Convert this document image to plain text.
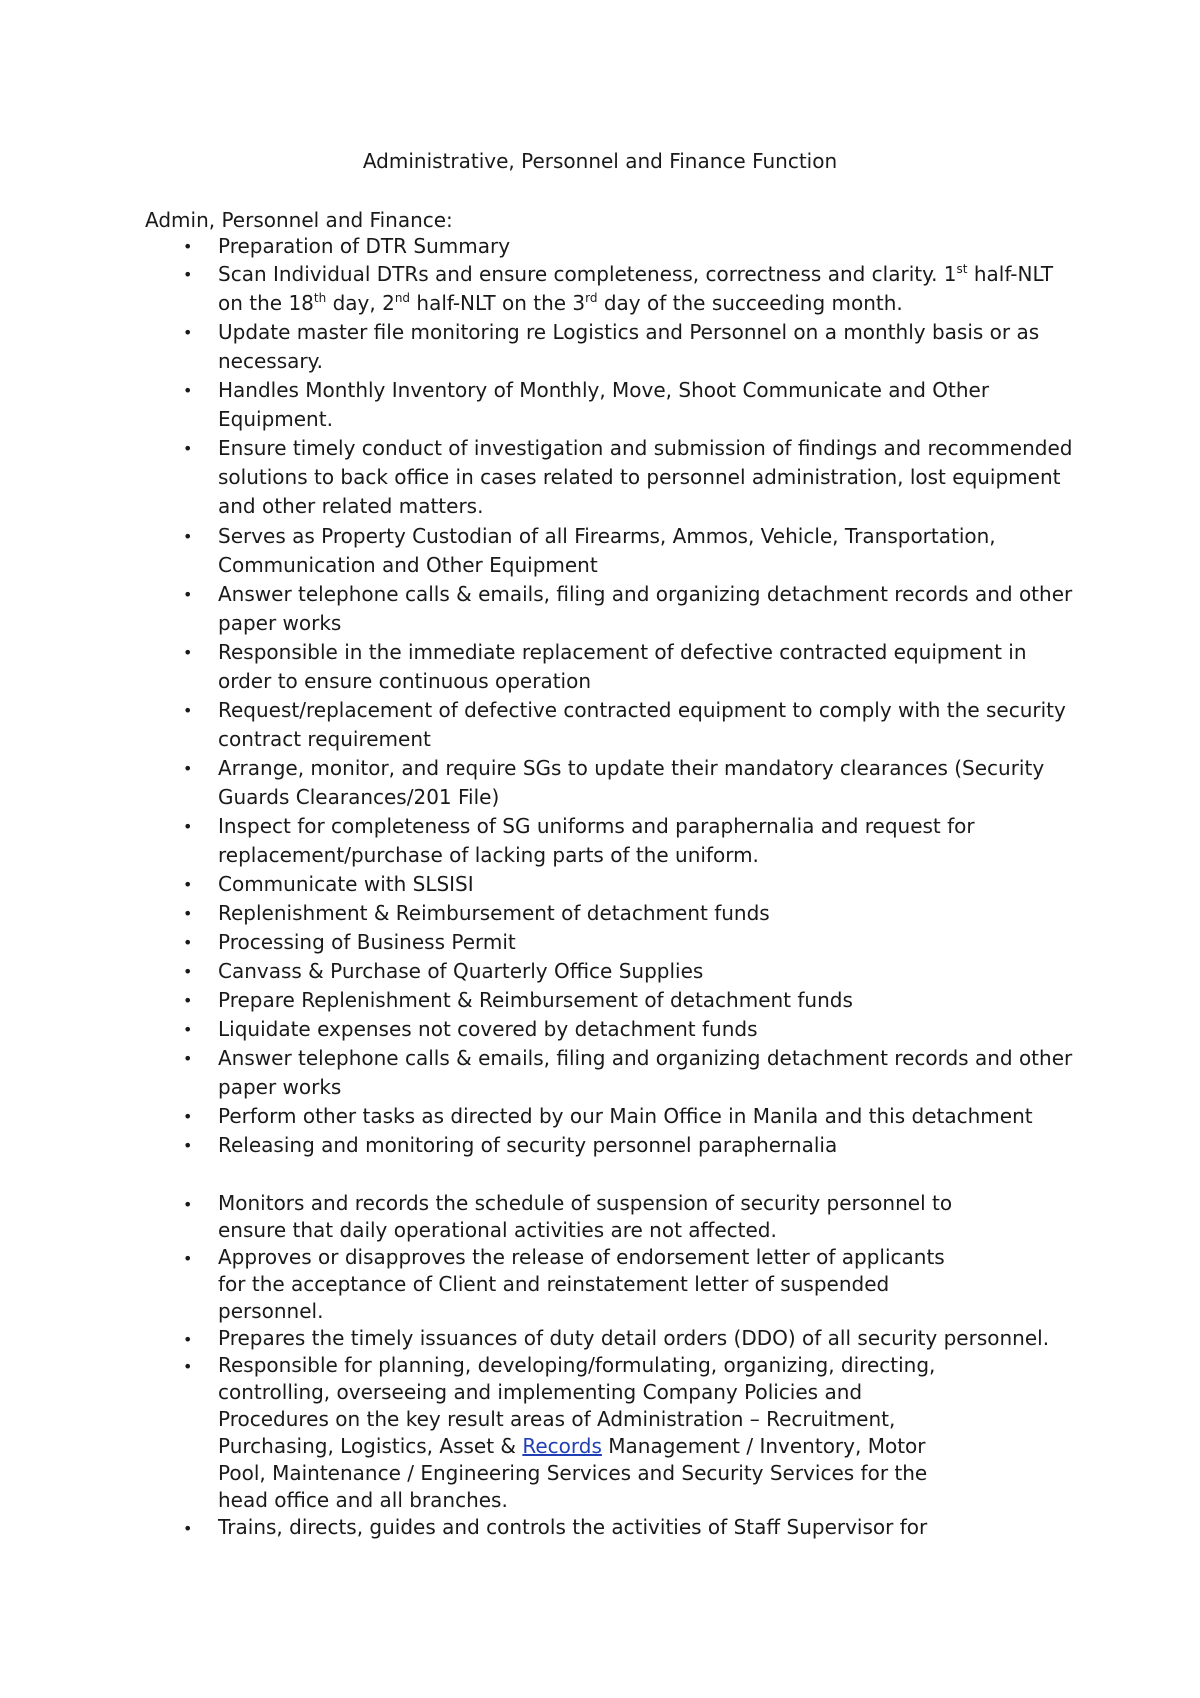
Administrative, Personnel and Finance Function
Admin, Personnel and Finance:
• Preparation of DTR Summary
• Scan Individual DTRs and ensure completeness, correctness and clarity. 1st half-NLT
on the 18th day, 2nd half-NLT on the 3rd day of the succeeding month.
• Update master file monitoring re Logistics and Personnel on a monthly basis or as
necessary.
• Handles Monthly Inventory of Monthly, Move, Shoot Communicate and Other
Equipment.
• Ensure timely conduct of investigation and submission of findings and recommended
solutions to back office in cases related to personnel administration, lost equipment
and other related matters.
• Serves as Property Custodian of all Firearms, Ammos, Vehicle, Transportation,
Communication and Other Equipment
• Answer telephone calls & emails, filing and organizing detachment records and other
paper works
• Responsible in the immediate replacement of defective contracted equipment in
order to ensure continuous operation
• Request/replacement of defective contracted equipment to comply with the security
contract requirement
• Arrange, monitor, and require SGs to update their mandatory clearances (Security
Guards Clearances/201 File)
• Inspect for completeness of SG uniforms and paraphernalia and request for
replacement/purchase of lacking parts of the uniform.
• Communicate with SLSISI
• Replenishment & Reimbursement of detachment funds
• Processing of Business Permit
• Canvass & Purchase of Quarterly Office Supplies
• Prepare Replenishment & Reimbursement of detachment funds
• Liquidate expenses not covered by detachment funds
• Answer telephone calls & emails, filing and organizing detachment records and other
paper works
• Perform other tasks as directed by our Main Office in Manila and this detachment
• Releasing and monitoring of security personnel paraphernalia
• Monitors and records the schedule of suspension of security personnel to
ensure that daily operational activities are not affected.
• Approves or disapproves the release of endorsement letter of applicants
for the acceptance of Client and reinstatement letter of suspended
personnel.
• Prepares the timely issuances of duty detail orders (DDO) of all security personnel.
• Responsible for planning, developing/formulating, organizing, directing,
controlling, overseeing and implementing Company Policies and
Procedures on the key result areas of Administration – Recruitment,
Purchasing, Logistics, Asset & Records Management / Inventory, Motor
Pool, Maintenance / Engineering Services and Security Services for the
head office and all branches.
• Trains, directs, guides and controls the activities of Staff Supervisor for
